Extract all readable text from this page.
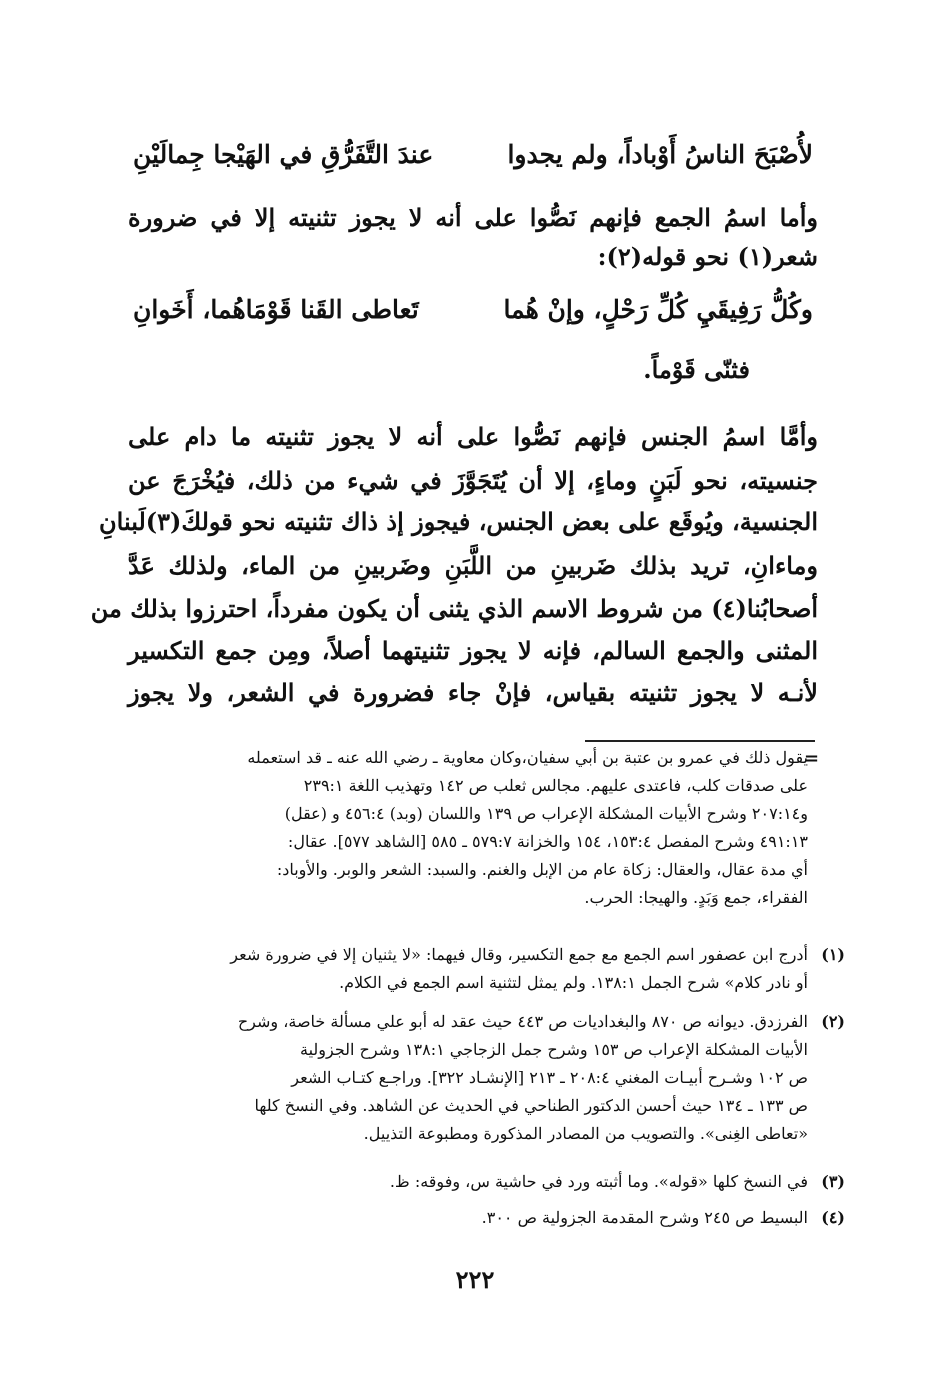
لأُصْبَحَ الناسُ أَوْباداً، ولم يجدوا
عندَ التَّفَرُّقِ في الهَيْجا جِمالَيْنِ
وأما اسمُ الجمع فإنهم نَصُّوا على أنه لا يجوز تثنيته إلا في ضرورة
شعر(١) نحو قوله(٢):
وكُلُّ رَفِيقَيِ كُلِّ رَحْلٍ، وإنْ هُما
تَعاطى القَنا قَوْمَاهُما، أَخَوانِ
فثنّى قَوْماً.
وأمَّا اسمُ الجنس فإنهم نَصُّوا على أنه لا يجوز تثنيته ما دام على
جنسيته، نحو لَبَنٍ وماءٍ، إلا أن يُتَجَوَّزَ في شيء من ذلك، فيُخْرَجَ عن
الجنسية، ويُوقَع على بعض الجنس، فيجوز إذ ذاك تثنيته نحو قولكَ(٣)لَبنانِ
وماءانِ، تريد بذلك ضَربينِ من اللَّبَنِ وضَربينِ من الماء، ولذلك عَدَّ
أصحابُنا(٤) من شروط الاسم الذي يثنى أن يكون مفرداً، احترزوا بذلك من
المثنى والجمع السالم، فإنه لا يجوز تثنيتهما أصلاً، ومِن جمع التكسير
لأنـه لا يجوز تثنيته بقياس، فإنْ جاء فضرورة في الشعر، ولا يجوز
=
يقول ذلك في عمرو بن عتبة بن أبي سفيان،وكان معاوية ـ رضي الله عنه ـ قد استعمله
على صدقات كلب، فاعتدى عليهم. مجالس ثعلب ص ١٤٢ وتهذيب اللغة ٢٣٩:١
و٢٠٧:١٤ وشرح الأبيات المشكلة الإعراب ص ١٣٩ واللسان (وبد) ٤٥٦:٤ و (عقل)
٤٩١:١٣ وشرح المفصل ١٥٣:٤، ١٥٤ والخزانة ٥٧٩:٧ ـ ٥٨٥ [الشاهد ٥٧٧]. عقال:
أي مدة عقال، والعقال: زكاة عام من الإبل والغنم. والسبد: الشعر والوبر. والأوباد:
الفقراء، جمع وَبَدٍ. والهيجا: الحرب.
(١)
أدرج ابن عصفور اسم الجمع مع جمع التكسير، وقال فيهما: «لا يثنيان إلا في ضرورة شعر
أو نادر كلام» شرح الجمل ١٣٨:١. ولم يمثل لتثنية اسم الجمع في الكلام.
(٢)
الفرزدق. ديوانه ص ٨٧٠ والبغداديات ص ٤٤٣ حيث عقد له أبو علي مسألة خاصة، وشرح
الأبيات المشكلة الإعراب ص ١٥٣ وشرح جمل الزجاجي ١٣٨:١ وشرح الجزولية
ص ١٠٢ وشـرح أبيـات المغني ٢٠٨:٤ ـ ٢١٣ [الإنشـاد ٣٢٢]. وراجـع كتـاب الشعر
ص ١٣٣ ـ ١٣٤ حيث أحسن الدكتور الطناحي في الحديث عن الشاهد. وفي النسخ كلها
«تعاطى الغِنى». والتصويب من المصادر المذكورة ومطبوعة التذييل.
(٣)
في النسخ كلها «قوله». وما أثبته ورد في حاشية س، وفوقه: ظ.
(٤)
البسيط ص ٢٤٥ وشرح المقدمة الجزولية ص ٣٠٠.
٢٢٢
